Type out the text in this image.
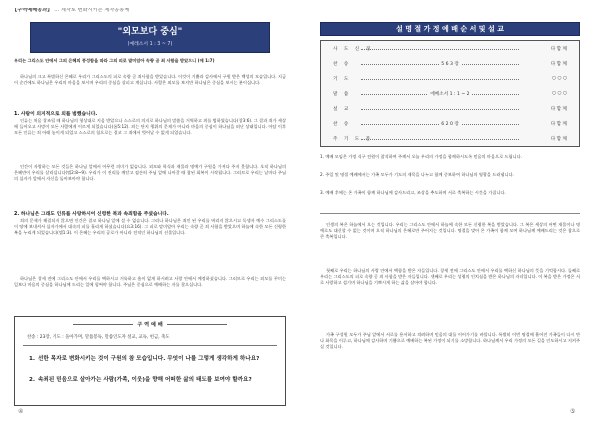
【구역예배공과】 ... 제자로 변화시키는 제자공동체
"외모보다 중심"
(예레소서 1 : 3 ~ 7)

우리는 그리스도 안에서 그의 은혜의 풍성함을 따라 그의 피로 말미암아 속량 곧 죄 사함을 받았으니 (에 1:7)

하나님의 크고 특별하신 은혜로 우리가 그리스도의 피로 속량 곧 죄사함을 받았습니다. 이것이 기쁨과 감사에서 구원 받은 백성의 모습입니다. 지금 이 순간에도 하나님은 우리의 마음을 보시며 우리의 중심을 살피고 계십니다. 사람은 외모를 보지만 하나님은 중심을 보시는 분이십니다.

1. 사람이 의지적으로 외를 범했습니다.

인류는 처음 창조될 때 하나님의 형상대로 지음 받았으나 스스로의 의지로 하나님의 말씀을 거역하고 죄를 범하였습니다(창3:6). 그 결과 죄가 세상에 들어오고 사망이 모든 사람에게 이르게 되었습니다(롬5:12). 죄는 단지 행위의 문제가 아니라 마음의 중심이 하나님을 떠난 상태입니다. 아담 이후 모든 인류는 죄 아래 놓이게 되었고 스스로의 힘으로는 결코 그 죄에서 벗어날 수 없게 되었습니다.

인간이 자랑하는 모든 것들은 하나님 앞에서 아무런 의미가 없습니다. 외모와 학식과 재물과 명예가 구원을 가져다 주지 못합니다. 오직 하나님의 은혜만이 우리를 살리십니다(엡2:8~9). 우리가 이 진리를 깨닫고 겸손히 주님 앞에 나아갈 때 참된 회복이 시작됩니다. 그러므로 우리는 날마다 주님의 십자가 앞에서 자신을 돌아보아야 합니다.

2. 하나님은 그래도 인류를 사랑하시어 신령한 복과 속죄함을 주셨습니다.

죄의 문제가 해결되지 않으면 인간은 결코 하나님 앞에 설 수 없습니다. 그러나 하나님은 죄인 된 우리를 버리지 않으시고 독생자 예수 그리스도를 이 땅에 보내셔서 십자가에서 대속의 피를 흘리게 하셨습니다(요3:16). 그 피로 말미암아 우리는 속량 곧 죄 사함을 받았으며 하늘에 속한 모든 신령한 복을 누리게 되었습니다(엡1:3). 이 은혜는 우리의 공로가 아니라 전적인 하나님의 선물입니다.

하나님은 창세 전에 그리스도 안에서 우리를 택하시고 거룩하고 흠이 없게 하시려고 사랑 안에서 예정하셨습니다. 그러므로 우리는 외모를 꾸미는 일보다 마음의 중심을 하나님께 드리는 일에 힘써야 합니다. 주님은 중심으로 예배하는 자를 찾으십니다.

구 역 예 배
찬송 : 23장, 기도 : 돌아가며, 말씀봉독, 말씀인도자 설교, 교독, 헌금, 축도
1. 선한 목자로 변화시키는 것이 구원의 참 모습입니다. 무엇이 나를 그렇게 생각하게 하나요?
2. 속죄된 믿음으로 살아가는 사람(가족, 이웃)을 향해 어떠한 삶의 태도를 보여야 할까요?
④
설 명 절 가 정 예 배 순 서 및 설 교
사 도 신 경	다 함 께
찬 송	5 6 3 장	다 함 께
기 도	○ ○ ○
말 씀	에베소서 1 : 1 ~ 2	○ ○ ○
설 교	다 함 께
찬 송	6 2 0 장	다 함 께
주 기 도 문	다 함 께

1. 예배 모임은 가정 식구 전원이 참석하여 주께서 오늘 우리의 가정을 함께하시도록 믿음의 마음으로 드립니다.

2. 주일 및 명절 예배에서는 가족 모두가 기도의 제목을 나누고 함께 중보하여 하나님의 영광을 드러냅니다.

3. 예배 후에는 온 가족이 함께 하나님께 감사드리고, 조상을 추도하며 서로 축복하는 시간을 가집니다.

인생의 복은 하늘에서 오는 것입니다. 우리는 그리스도 안에서 하늘에 속한 모든 신령한 복을 받았습니다. 그 복은 세상의 어떤 재물이나 명예로도 대신할 수 없는 것이며 오직 하나님의 은혜로만 주어지는 것입니다. 명절을 맞아 온 가족이 함께 모여 하나님께 예배드리는 것은 참으로 큰 축복입니다.

첫째로 우리는 하나님의 사랑 안에서 택함을 받은 자들입니다. 창세 전에 그리스도 안에서 우리를 택하신 하나님의 뜻을 기억합시다. 둘째로 우리는 그리스도의 피로 속량 곧 죄 사함을 받은 자들입니다. 셋째로 우리는 성령의 인치심을 받은 하나님의 자녀입니다. 이 복을 받은 가정은 서로 사랑하고 섬기며 하나님을 기쁘시게 하는 삶을 살아야 합니다.

가족 구성원 모두가 주님 앞에서 서로를 용서하고 격려하며 믿음의 대를 이어가기를 바랍니다. 특별히 이번 명절에 흩어진 가족들이 다시 만나 화목을 이루고, 하나님께 감사하며 기쁨으로 예배하는 복된 가정이 되기를 소망합니다. 하나님께서 우리 가정의 모든 길을 인도하시고 지켜주실 것입니다.

⑤
